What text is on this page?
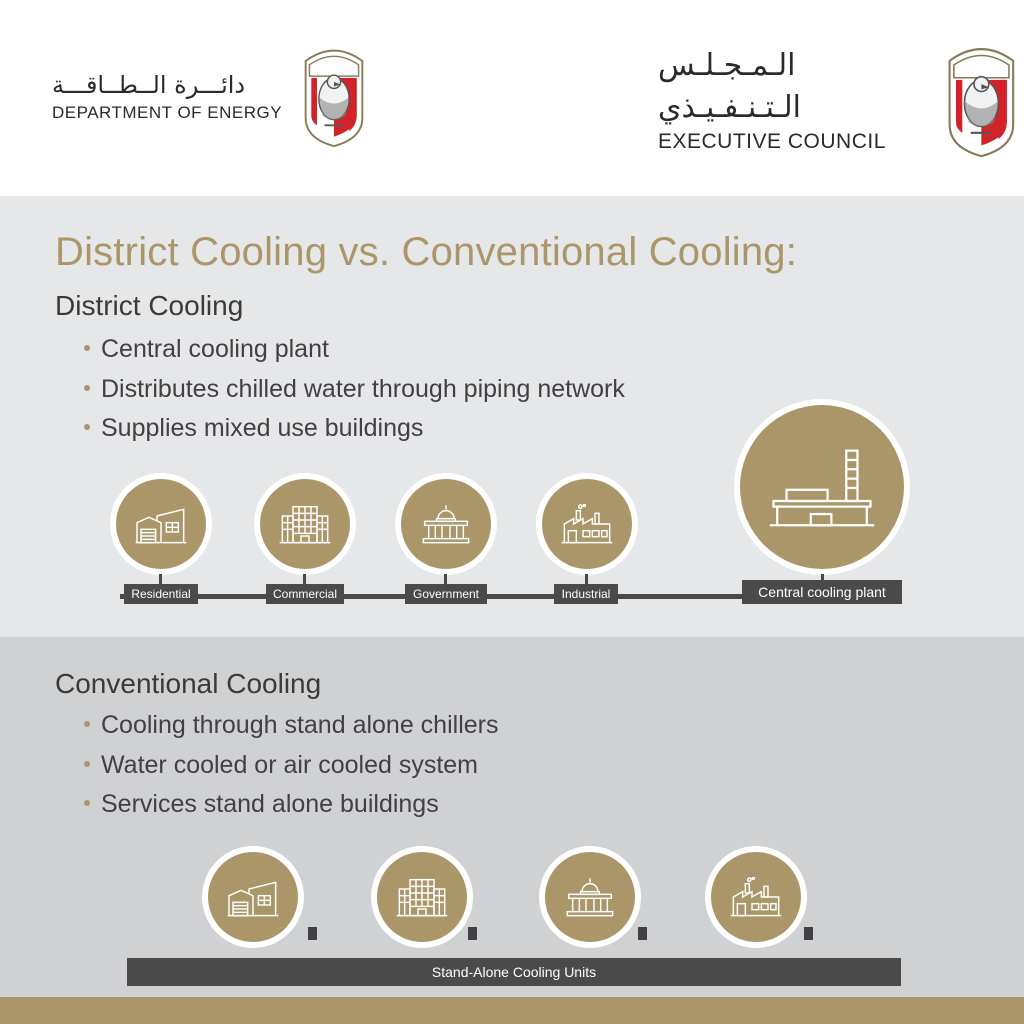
دائـــرة الــطــاقـــة
DEPARTMENT OF ENERGY
الـمـجـلـس الـتـنـفـيـذي
EXECUTIVE COUNCIL
District Cooling vs. Conventional Cooling:
District Cooling
Central cooling plant
Distributes chilled water through piping network
Supplies mixed use buildings
Residential	Commercial	Government	Industrial	Central cooling plant
Conventional Cooling
Cooling through stand alone chillers
Water cooled or air cooled system
Services stand alone buildings
Stand-Alone Cooling Units
